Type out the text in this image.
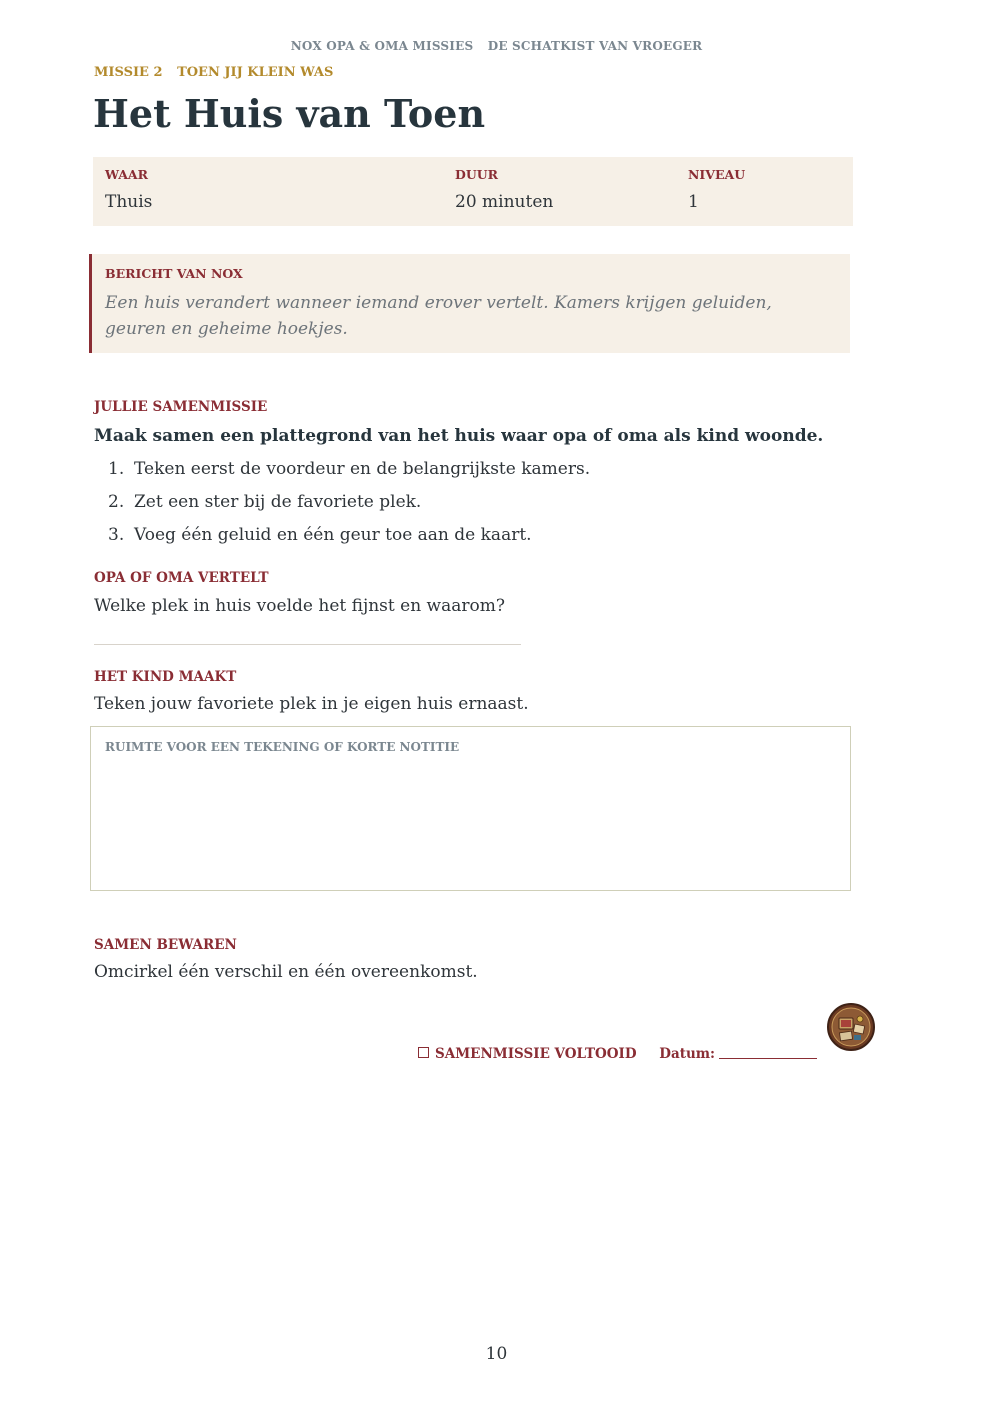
NOX OPA & OMA MISSIES DE SCHATKIST VAN VROEGER
MISSIE 2 TOEN JIJ KLEIN WAS
Het Huis van Toen
WAAR
Thuis
DUUR
20 minuten
NIVEAU
1
BERICHT VAN NOX
Een huis verandert wanneer iemand erover vertelt. Kamers krijgen geluiden, geuren en geheime hoekjes.
JULLIE SAMENMISSIE
Maak samen een plattegrond van het huis waar opa of oma als kind woonde.
1. Teken eerst de voordeur en de belangrijkste kamers.
2. Zet een ster bij de favoriete plek.
3. Voeg één geluid en één geur toe aan de kaart.
OPA OF OMA VERTELT
Welke plek in huis voelde het fijnst en waarom?
HET KIND MAAKT
Teken jouw favoriete plek in je eigen huis ernaast.
RUIMTE VOOR EEN TEKENING OF KORTE NOTITIE
SAMEN BEWAREN
Omcirkel één verschil en één overeenkomst.
SAMENMISSIE VOLTOOID Datum:
10
